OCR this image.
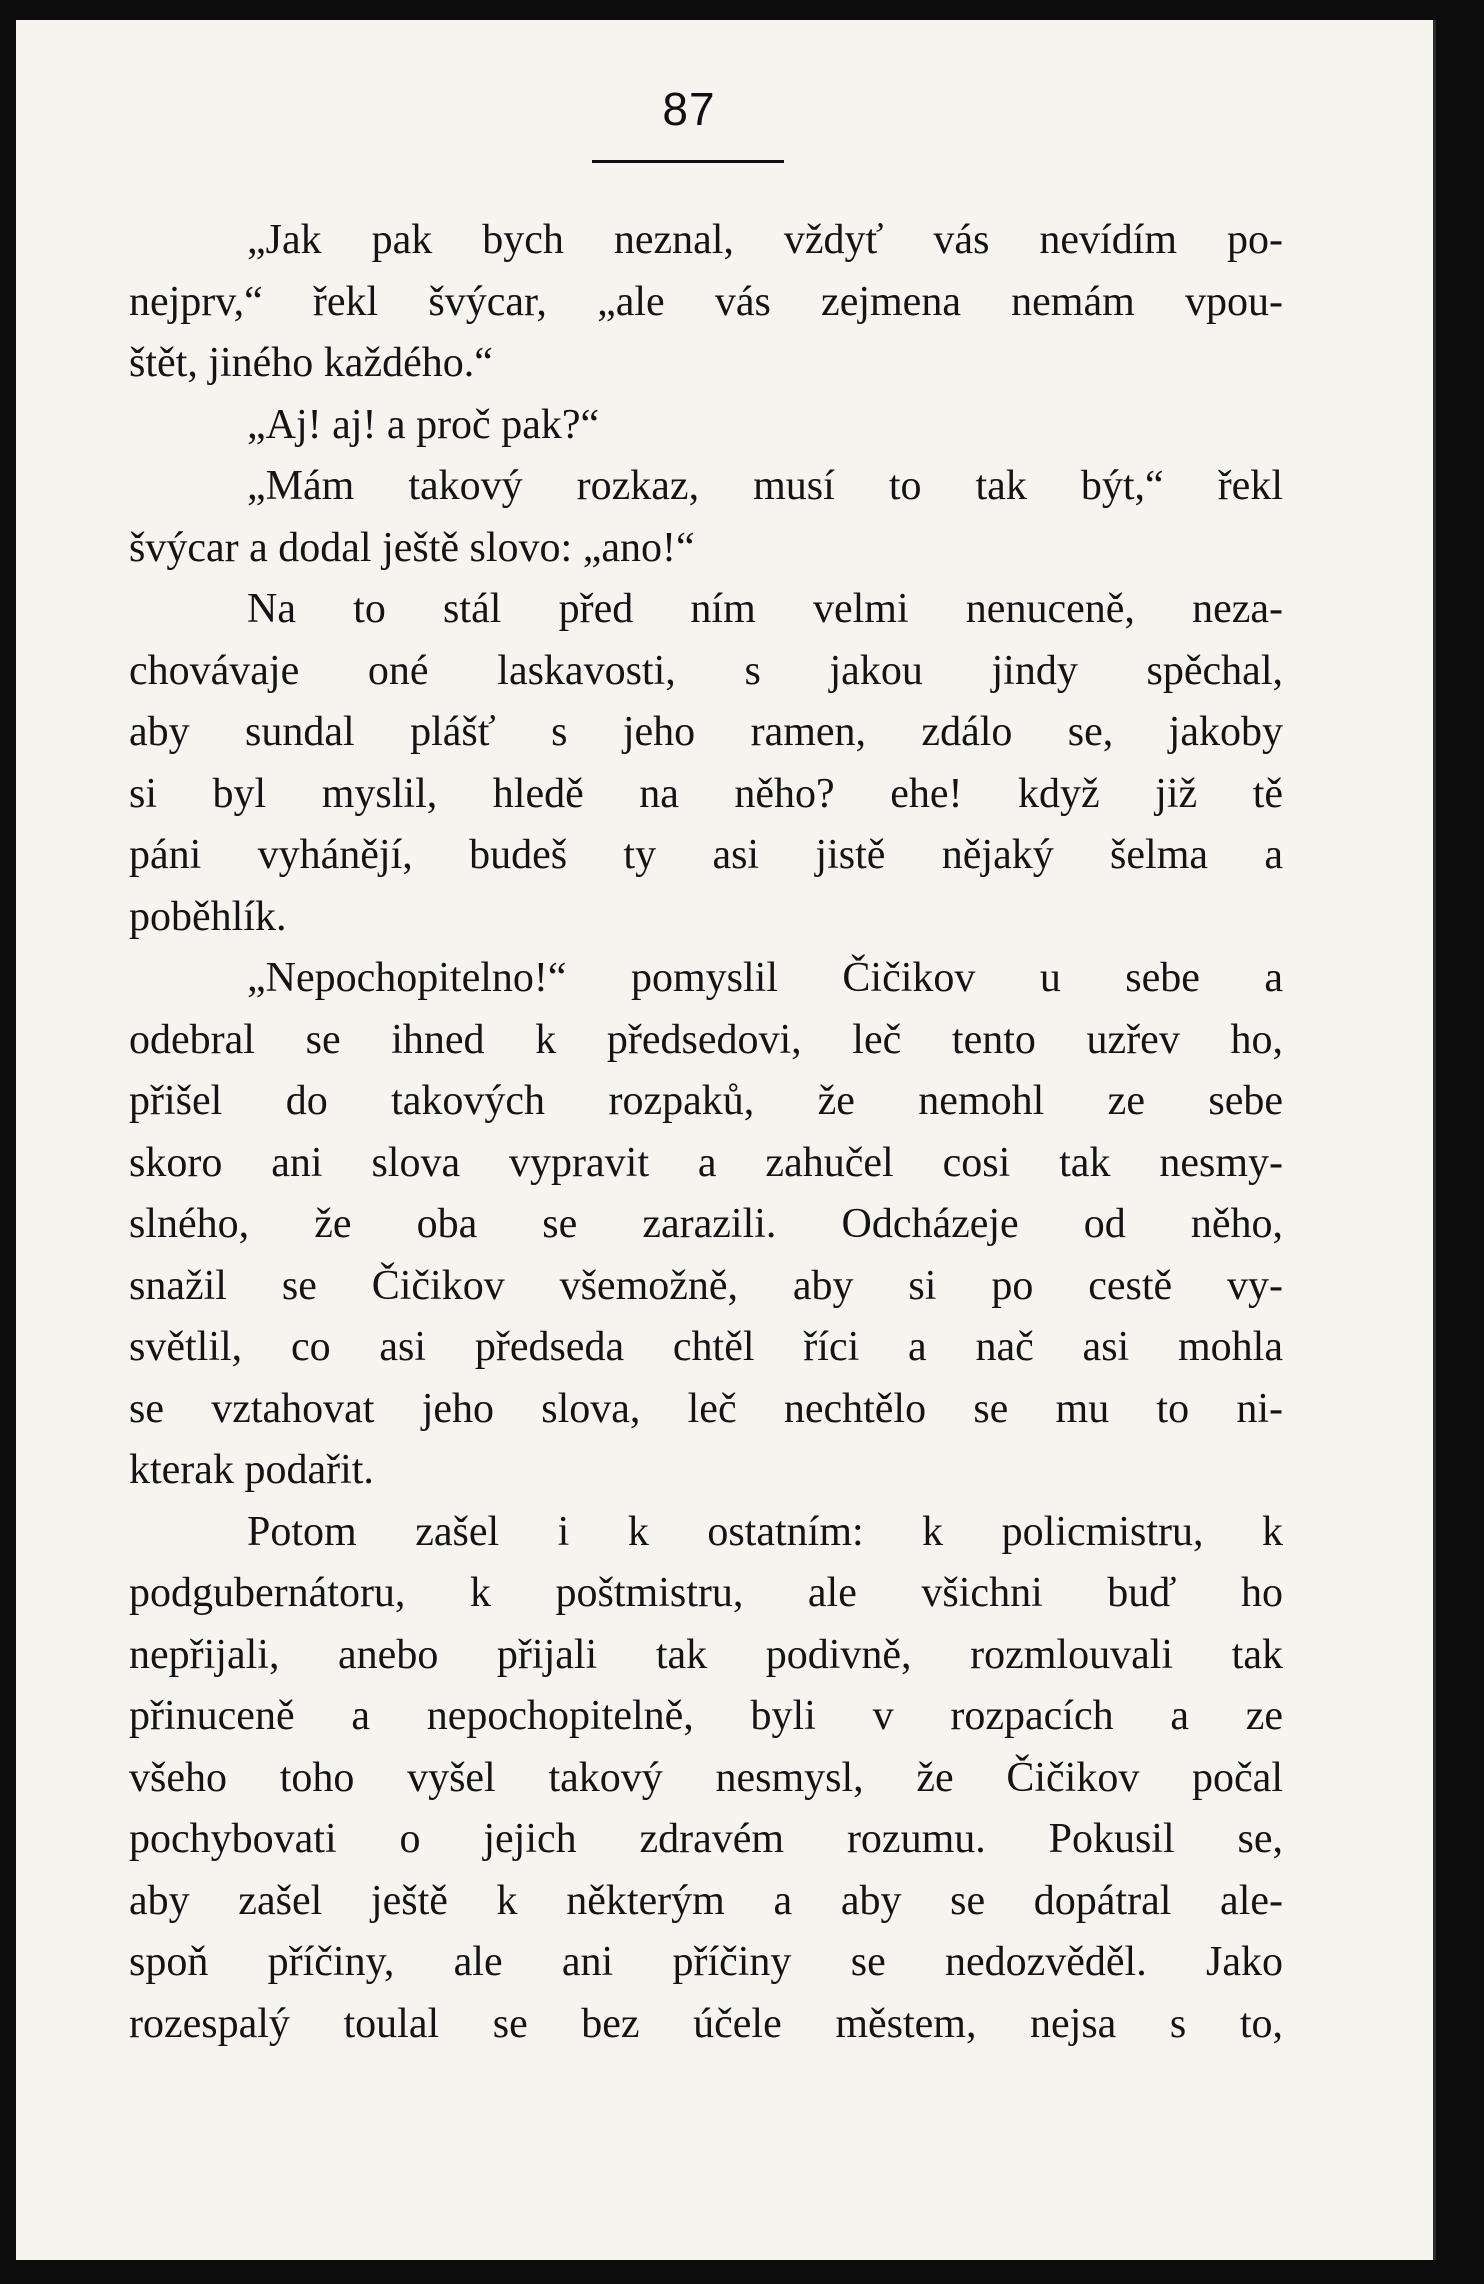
87
„Jak pak bych neznal, vždyť vás nevídím po-
nejprv,“ řekl švýcar, „ale vás zejmena nemám vpou-
štět, jiného každého.“
„Aj! aj! a proč pak?“
„Mám takový rozkaz, musí to tak být,“ řekl
švýcar a dodal ještě slovo: „ano!“
Na to stál před ním velmi nenuceně, neza-
chovávaje oné laskavosti, s jakou jindy spěchal,
aby sundal plášť s jeho ramen, zdálo se, jakoby
si byl myslil, hledě na něho? ehe! když již tě
páni vyhánějí, budeš ty asi jistě nějaký šelma a
poběhlík.
„Nepochopitelno!“ pomyslil Čičikov u sebe a
odebral se ihned k předsedovi, leč tento uzřev ho,
přišel do takových rozpaků, že nemohl ze sebe
skoro ani slova vypravit a zahučel cosi tak nesmy-
slného, že oba se zarazili. Odcházeje od něho,
snažil se Čičikov všemožně, aby si po cestě vy-
světlil, co asi předseda chtěl říci a nač asi mohla
se vztahovat jeho slova, leč nechtělo se mu to ni-
kterak podařit.
Potom zašel i k ostatním: k policmistru, k
podgubernátoru, k poštmistru, ale všichni buď ho
nepřijali, anebo přijali tak podivně, rozmlouvali tak
přinuceně a nepochopitelně, byli v rozpacích a ze
všeho toho vyšel takový nesmysl, že Čičikov počal
pochybovati o jejich zdravém rozumu. Pokusil se,
aby zašel ještě k některým a aby se dopátral ale-
spoň příčiny, ale ani příčiny se nedozvěděl. Jako
rozespalý toulal se bez účele městem, nejsa s to,
